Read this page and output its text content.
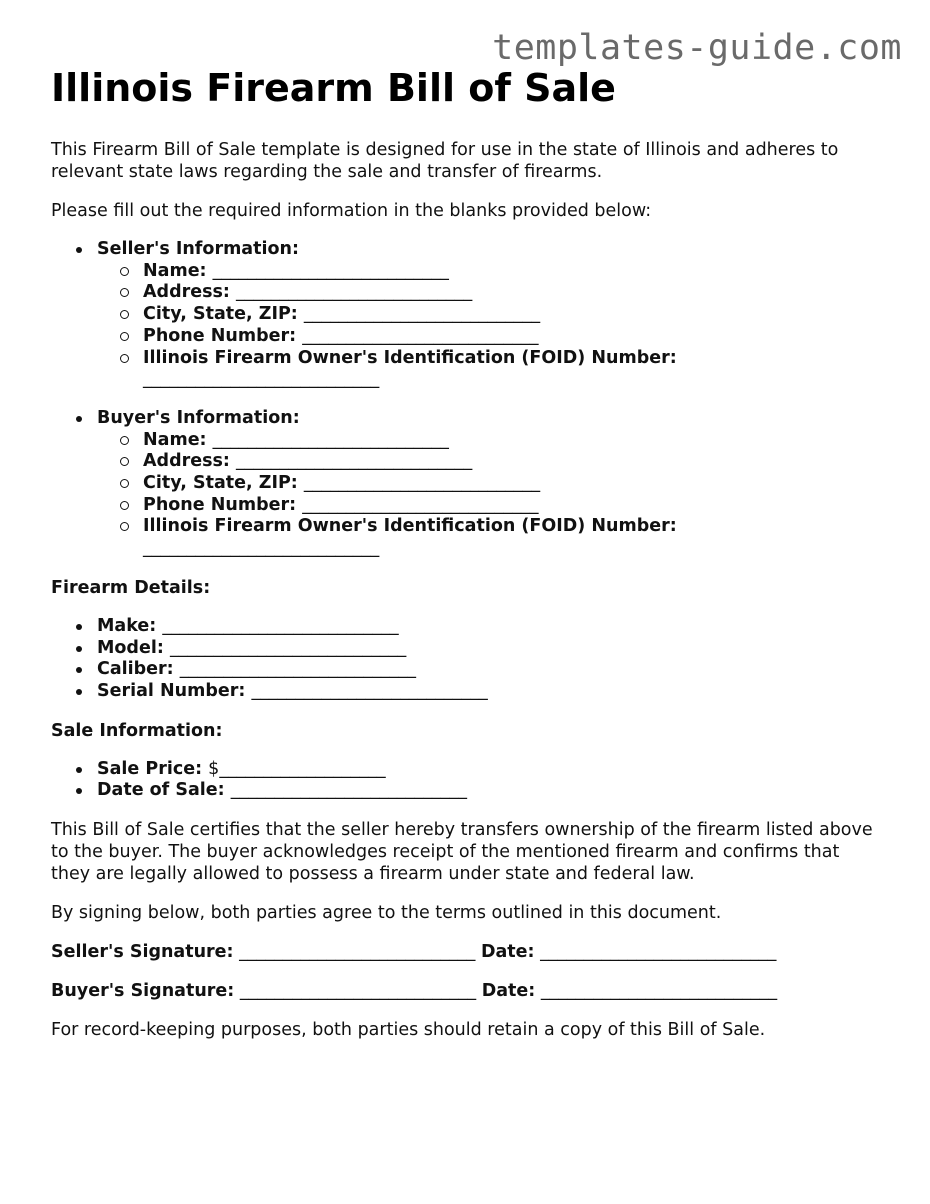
templates-guide.com
Illinois Firearm Bill of Sale

This Firearm Bill of Sale template is designed for use in the state of Illinois and adheres to relevant state laws regarding the sale and transfer of firearms.

Please fill out the required information in the blanks provided below:

Seller's Information:
Name: ___________________________
Address: ___________________________
City, State, ZIP: ___________________________
Phone Number: ___________________________
Illinois Firearm Owner's Identification (FOID) Number:
___________________________
Buyer's Information:
Name: ___________________________
Address: ___________________________
City, State, ZIP: ___________________________
Phone Number: ___________________________
Illinois Firearm Owner's Identification (FOID) Number:
___________________________
Firearm Details:
Make: ___________________________
Model: ___________________________
Caliber: ___________________________
Serial Number: ___________________________
Sale Information:
Sale Price: $___________________
Date of Sale: ___________________________

This Bill of Sale certifies that the seller hereby transfers ownership of the firearm listed above to the buyer. The buyer acknowledges receipt of the mentioned firearm and confirms that they are legally allowed to possess a firearm under state and federal law.

By signing below, both parties agree to the terms outlined in this document.

Seller's Signature: ___________________________ Date: ___________________________
Buyer's Signature: ___________________________ Date: ___________________________

For record-keeping purposes, both parties should retain a copy of this Bill of Sale.
